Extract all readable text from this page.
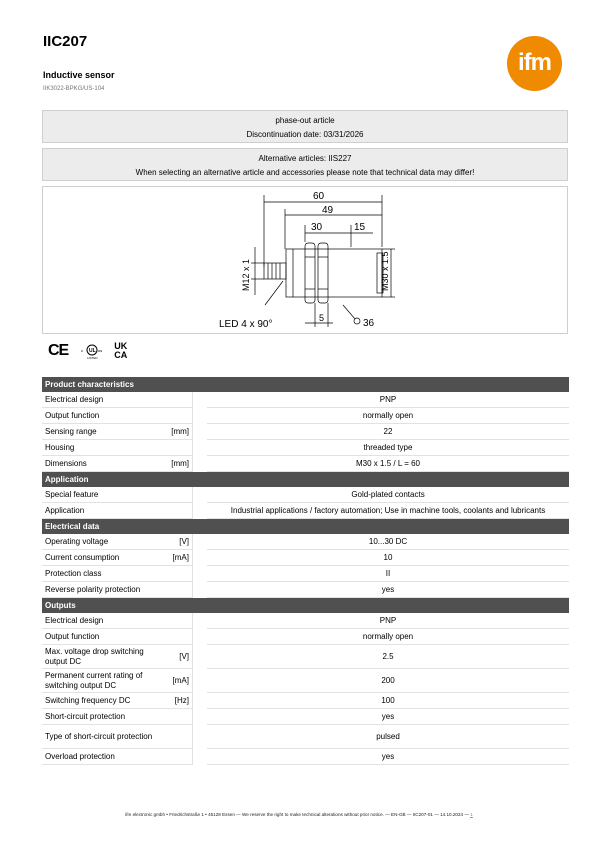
IIC207
Inductive sensor
IIK3022-BPKG/US-104
ifm
phase-out article
Discontinuation date: 03/31/2026
Alternative articles: IIS227
When selecting an alternative article and accessories please note that technical data may differ!
60
49
30	15
M12 x 1	M30 x 1.5
5	36
LED 4 x 90°
CE	UL
c	us
LISTED
UK
CA
Product characteristics			
Electrical design			PNP
Output function			normally open
Sensing range	[mm]		22
Housing			threaded type
Dimensions	[mm]		M30 x 1.5 / L = 60
Application			
Special feature			Gold-plated contacts
Application			Industrial applications / factory automation; Use in machine tools, coolants and lubricants
Electrical data			
Operating voltage	[V]		10...30 DC
Current consumption	[mA]		10
Protection class			II
Reverse polarity protection			yes
Outputs			
Electrical design			PNP
Output function			normally open
Max. voltage drop switching output DC	[V]		2.5
Permanent current rating of switching output DC	[mA]		200
Switching frequency DC	[Hz]		100
Short-circuit protection			yes
Type of short-circuit protection			pulsed
Overload protection			yes
ifm electronic gmbh • Friedrichstraße 1 • 45128 Essen — We reserve the right to make technical alterations without prior notice. — EN-GB — IIC207-01 — 14.10.2024 — 1
